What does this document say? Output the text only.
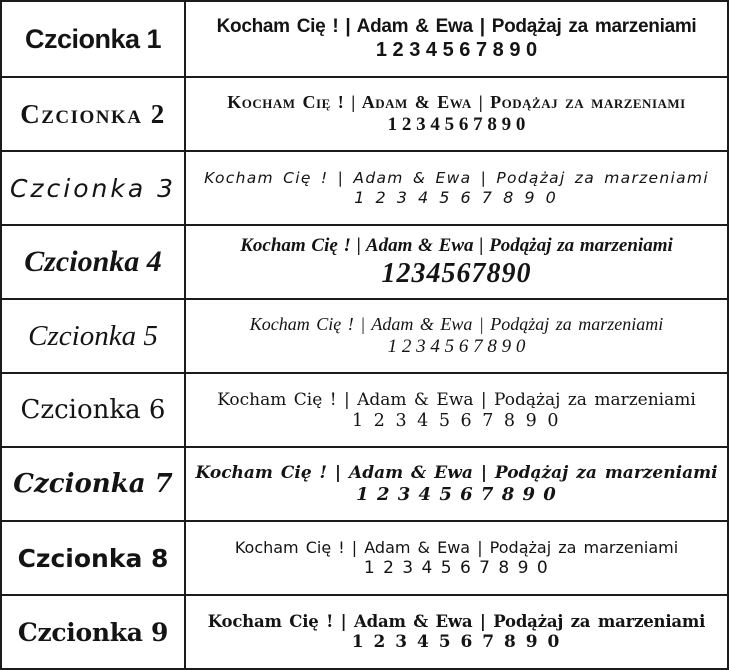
Czcionka 1	Kocham Cię ! | Adam & Ewa | Podążaj za marzeniami
1 2 3 4 5 6 7 8 9 0
Czcionka 2	Kocham Cię ! | Adam & Ewa | Podążaj za marzeniami
1 2 3 4 5 6 7 8 9 0
Czcionka 3 Kocham Cię ! | Adam & Ewa | Podążaj za marzeniami
1 2 3 4 5 6 7 8 9 0
Czcionka 4	Kocham Cię ! | Adam & Ewa | Podążaj za marzeniami
1234567890
Czcionka 5	Kocham Cię ! | Adam & Ewa | Podążaj za marzeniami
1 2 3 4 5 6 7 8 9 0
Czcionka 6	Kocham Cię ! | Adam & Ewa | Podążaj za marzeniami
1 2 3 4 5 6 7 8 9 0
Czcionka 7 Kocham Cię ! | Adam & Ewa | Podążaj za marzeniami
1 2 3 4 5 6 7 8 9 0
Czcionka 8	Kocham Cię ! | Adam & Ewa | Podążaj za marzeniami
1 2 3 4 5 6 7 8 9 0
Czcionka 9 Kocham Cię ! | Adam & Ewa | Podążaj za marzeniami
1 2 3 4 5 6 7 8 9 0
